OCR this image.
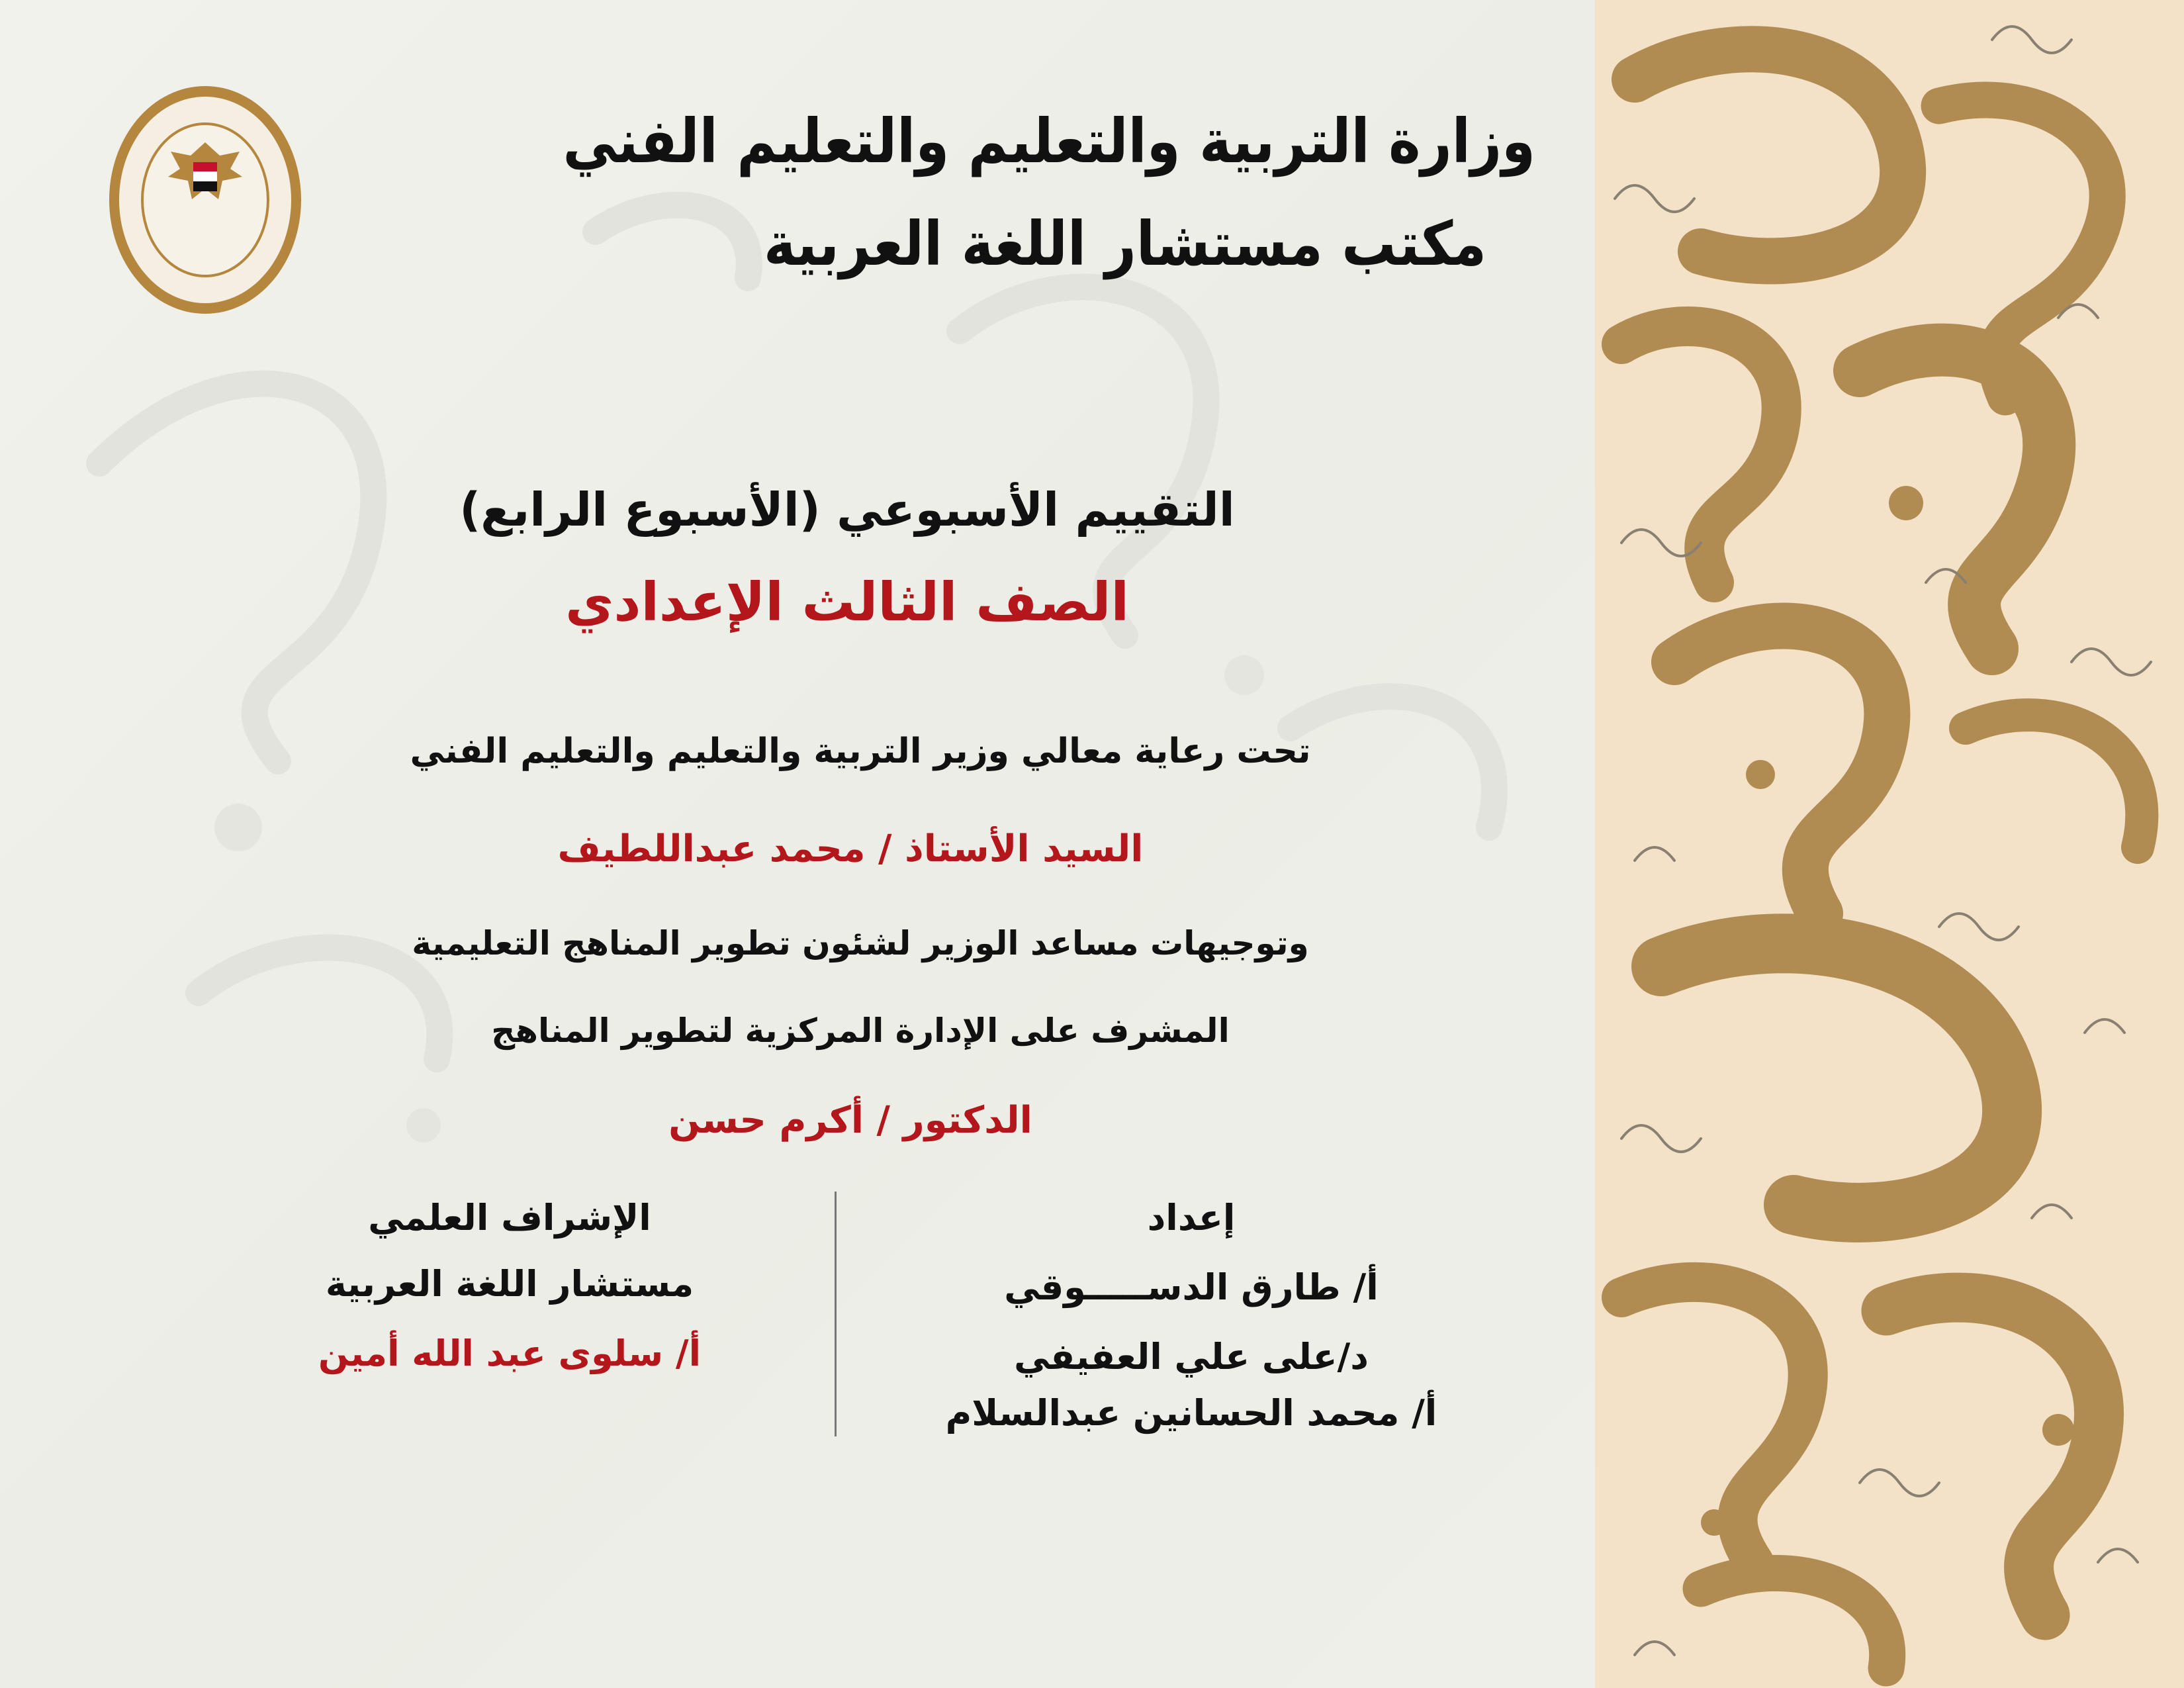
وزارة التربية والتعليم والتعليم الفني
مكتب مستشار اللغة العربية
التقييم الأسبوعي (الأسبوع الرابع)
الصف الثالث الإعدادي
تحت رعاية معالي وزير التربية والتعليم والتعليم الفني
السيد الأستاذ / محمد عبداللطيف
وتوجيهات مساعد الوزير لشئون تطوير المناهج التعليمية
المشرف على الإدارة المركزية لتطوير المناهج
الدكتور / أكرم حسن
إعداد
أ/ طارق الدســـــوقي
د/على علي العفيفي
أ/ محمد الحسانين عبدالسلام
الإشراف العلمي
مستشار اللغة العربية
أ/ سلوى عبد الله أمين
